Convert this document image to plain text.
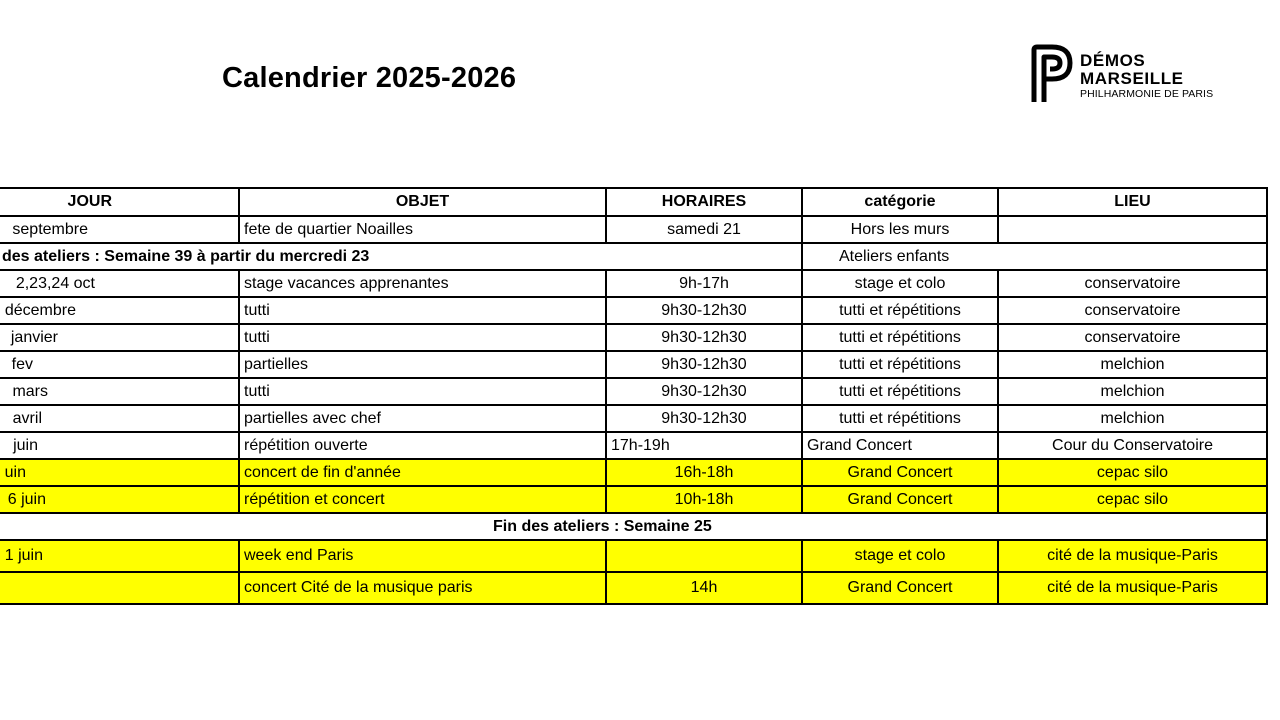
Calendrier 2025-2026
DÉMOS
MARSEILLE
PHILHARMONIE DE PARIS
JOUR	OBJET	HORAIRES	catégorie	LIEU
septembre	fete de quartier Noailles	samedi 21	Hors les murs	
des ateliers : Semaine 39 à partir du mercredi 23			Ateliers enfants	
2,23,24 oct	stage vacances apprenantes	9h-17h	stage et colo	conservatoire
décembre	tutti	9h30-12h30	tutti et répétitions	conservatoire
janvier	tutti	9h30-12h30	tutti et répétitions	conservatoire
fev	partielles	9h30-12h30	tutti et répétitions	melchion
mars	tutti	9h30-12h30	tutti et répétitions	melchion
avril	partielles avec chef	9h30-12h30	tutti et répétitions	melchion
juin	répétition ouverte	17h-19h	Grand Concert	Cour du Conservatoire
uin	concert de fin d'année	16h-18h	Grand Concert	cepac silo
6 juin	répétition et concert	10h-18h	Grand Concert	cepac silo
Fin des ateliers : Semaine 25				
1 juin	week end Paris		stage et colo	cité de la musique-Paris
	concert Cité de la musique paris	14h	Grand Concert	cité de la musique-Paris
